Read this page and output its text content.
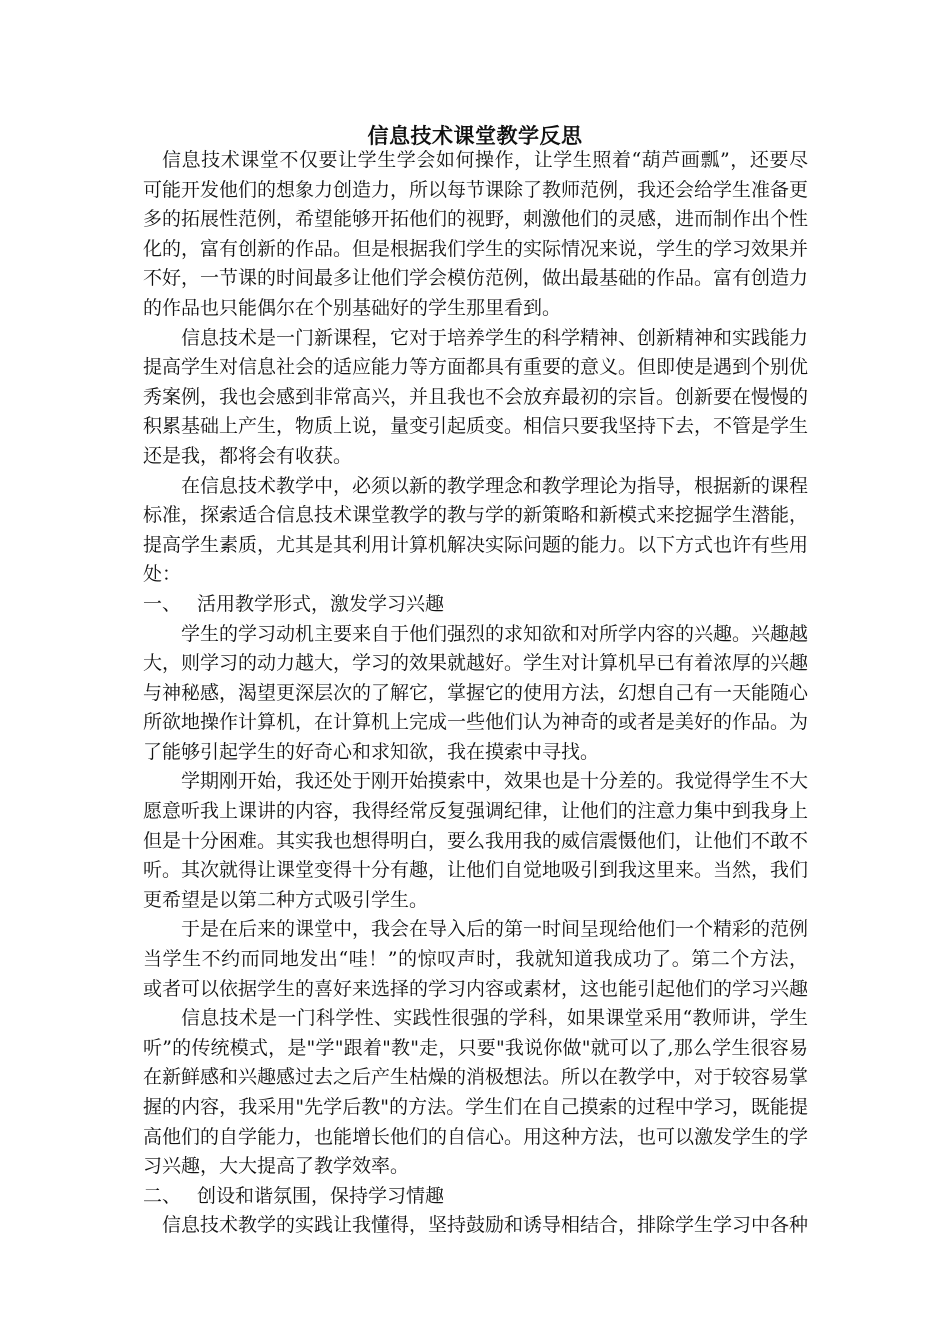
信息技术课堂教学反思

信息技术课堂不仅要让学生学会如何操作，让学生照着“葫芦画瓢”，还要尽可能开发他们的想象力创造力，所以每节课除了教师范例，我还会给学生准备更多的拓展性范例，希望能够开拓他们的视野，刺激他们的灵感，进而制作出个性化的，富有创新的作品。但是根据我们学生的实际情况来说，学生的学习效果并不好，一节课的时间最多让他们学会模仿范例，做出最基础的作品。富有创造力的作品也只能偶尔在个别基础好的学生那里看到。

信息技术是一门新课程，它对于培养学生的科学精神、创新精神和实践能力提高学生对信息社会的适应能力等方面都具有重要的意义。但即使是遇到个别优秀案例，我也会感到非常高兴，并且我也不会放弃最初的宗旨。创新要在慢慢的积累基础上产生，物质上说，量变引起质变。相信只要我坚持下去，不管是学生还是我，都将会有收获。

在信息技术教学中，必须以新的教学理念和教学理论为指导，根据新的课程标准，探索适合信息技术课堂教学的教与学的新策略和新模式来挖掘学生潜能，提高学生素质，尤其是其利用计算机解决实际问题的能力。以下方式也许有些用处：

一、 活用教学形式，激发学习兴趣

学生的学习动机主要来自于他们强烈的求知欲和对所学内容的兴趣。兴趣越大，则学习的动力越大，学习的效果就越好。学生对计算机早已有着浓厚的兴趣与神秘感，渴望更深层次的了解它，掌握它的使用方法，幻想自己有一天能随心所欲地操作计算机，在计算机上完成一些他们认为神奇的或者是美好的作品。为了能够引起学生的好奇心和求知欲，我在摸索中寻找。

学期刚开始，我还处于刚开始摸索中，效果也是十分差的。我觉得学生不大愿意听我上课讲的内容，我得经常反复强调纪律，让他们的注意力集中到我身上但是十分困难。其实我也想得明白，要么我用我的威信震慑他们，让他们不敢不听。其次就得让课堂变得十分有趣，让他们自觉地吸引到我这里来。当然，我们更希望是以第二种方式吸引学生。

于是在后来的课堂中，我会在导入后的第一时间呈现给他们一个精彩的范例当学生不约而同地发出“哇！”的惊叹声时，我就知道我成功了。第二个方法，或者可以依据学生的喜好来选择的学习内容或素材，这也能引起他们的学习兴趣

信息技术是一门科学性、实践性很强的学科，如果课堂采用“教师讲，学生听”的传统模式，是"学"跟着"教"走，只要"我说你做"就可以了,那么学生很容易在新鲜感和兴趣感过去之后产生枯燥的消极想法。所以在教学中，对于较容易掌握的内容，我采用"先学后教"的方法。学生们在自己摸索的过程中学习，既能提高他们的自学能力，也能增长他们的自信心。用这种方法，也可以激发学生的学习兴趣，大大提高了教学效率。

二、 创设和谐氛围，保持学习情趣

信息技术教学的实践让我懂得，坚持鼓励和诱导相结合，排除学生学习中各种
